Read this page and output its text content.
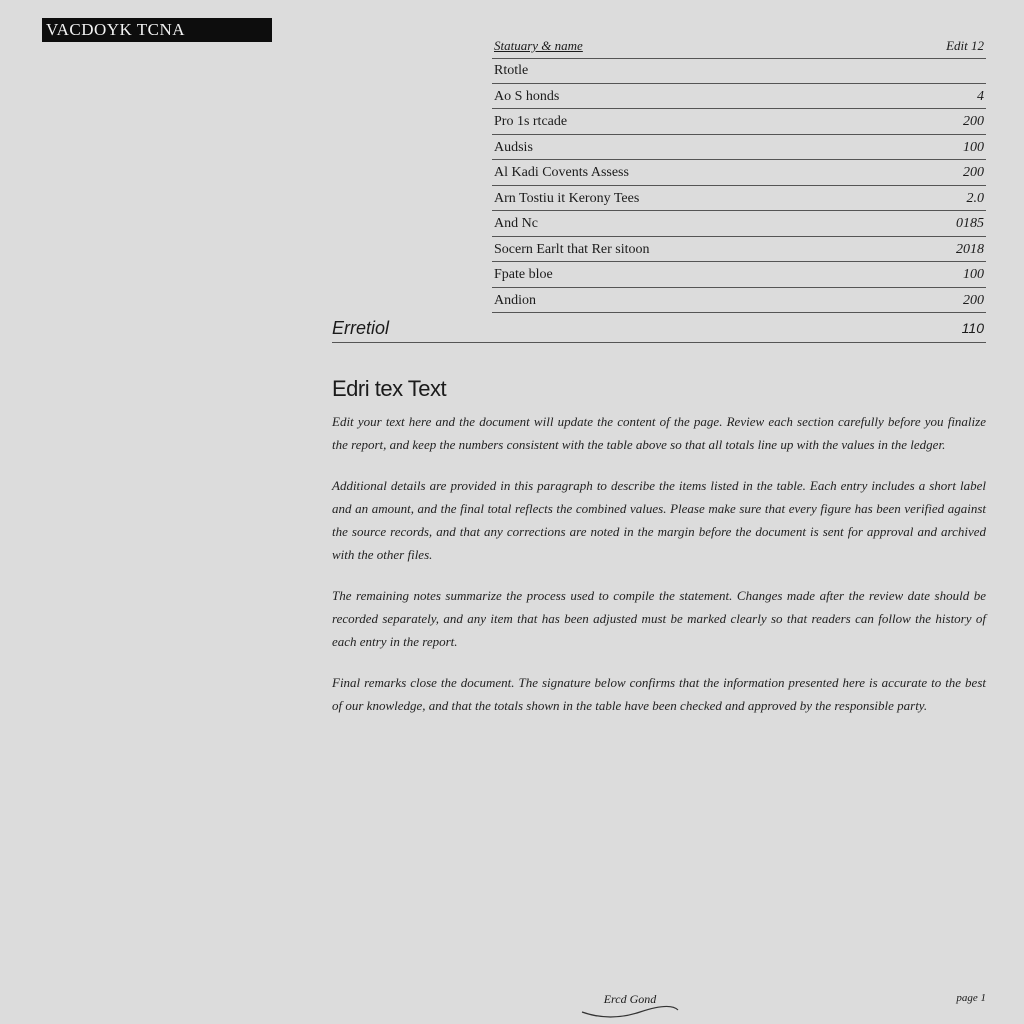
VACDOYK TCNA
Statuary & name	Edit 12
Rtotle
Ao S honds	4
Pro 1s rtcade	200
Audsis	100
Al Kadi Covents Assess	200
Arn Tostiu it Kerony Tees	2.0
And Nc	0185
Socern Earlt that Rer sitoon	2018
Fpate bloe	100
Andion	200
Erretiol	110
Edri tex Text

Edit your text here and the document will update the content of the page. Review each section carefully before you finalize the report, and keep the numbers consistent with the table above so that all totals line up with the values in the ledger.

Additional details are provided in this paragraph to describe the items listed in the table. Each entry includes a short label and an amount, and the final total reflects the combined values. Please make sure that every figure has been verified against the source records, and that any corrections are noted in the margin before the document is sent for approval and archived with the other files.

The remaining notes summarize the process used to compile the statement. Changes made after the review date should be recorded separately, and any item that has been adjusted must be marked clearly so that readers can follow the history of each entry in the report.

Final remarks close the document. The signature below confirms that the information presented here is accurate to the best of our knowledge, and that the totals shown in the table have been checked and approved by the responsible party.

Ercd Gond	page 1
